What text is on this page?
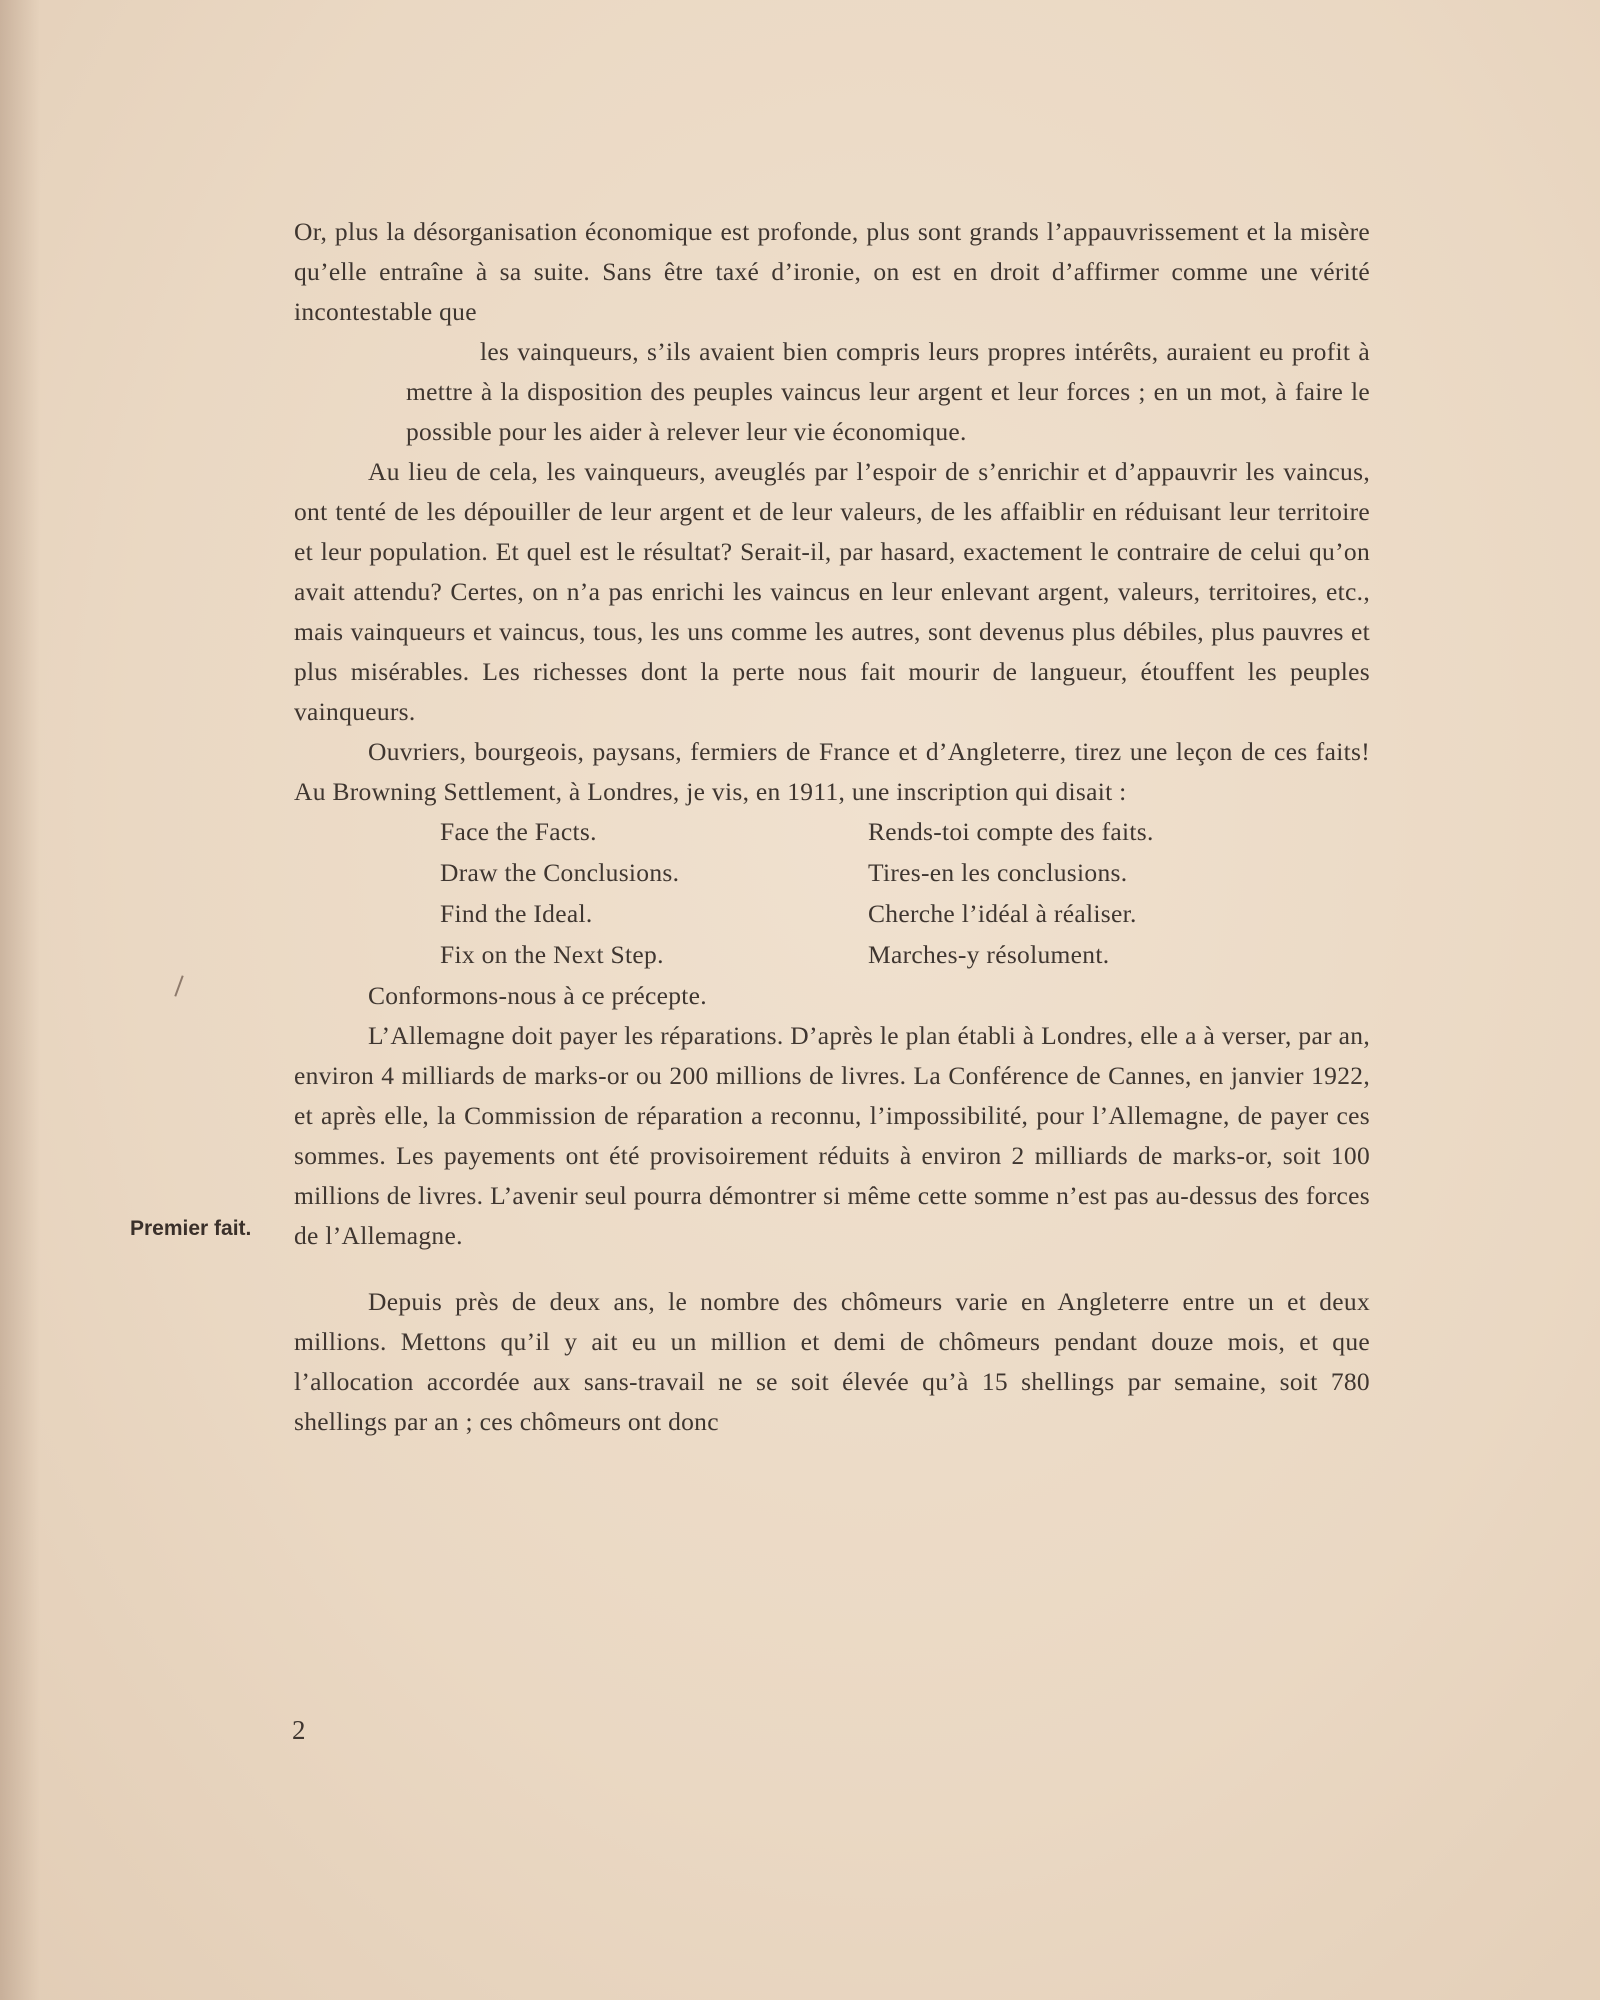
Or, plus la désorganisation économique est profonde, plus sont grands l’appauvrissement et la misère qu’elle entraîne à sa suite. Sans être taxé d’ironie, on est en droit d’affirmer comme une vérité incontestable que

les vainqueurs, s’ils avaient bien compris leurs propres intérêts, auraient eu profit à mettre à la disposition des peuples vaincus leur argent et leur forces ; en un mot, à faire le possible pour les aider à relever leur vie économique.

Au lieu de cela, les vainqueurs, aveuglés par l’espoir de s’enrichir et d’appauvrir les vaincus, ont tenté de les dépouiller de leur argent et de leur valeurs, de les affaiblir en réduisant leur territoire et leur population. Et quel est le résultat? Serait-il, par hasard, exactement le contraire de celui qu’on avait attendu? Certes, on n’a pas enrichi les vaincus en leur enlevant argent, valeurs, territoires, etc., mais vainqueurs et vaincus, tous, les uns comme les autres, sont devenus plus débiles, plus pauvres et plus misérables. Les richesses dont la perte nous fait mourir de langueur, étouffent les peuples vainqueurs.

Ouvriers, bourgeois, paysans, fermiers de France et d’Angleterre, tirez une leçon de ces faits! Au Browning Settlement, à Londres, je vis, en 1911, une inscription qui disait :

Face the Facts.
Draw the Conclusions.
Find the Ideal.
Fix on the Next Step.
Rends-toi compte des faits.
Tires-en les conclusions.
Cherche l’idéal à réaliser.
Marches-y résolument.

Conformons-nous à ce précepte.

L’Allemagne doit payer les réparations. D’après le plan établi à Londres, elle a à verser, par an, environ 4 milliards de marks-or ou 200 millions de livres. La Conférence de Cannes, en janvier 1922, et après elle, la Commission de réparation a reconnu, l’impossibilité, pour l’Allemagne, de payer ces sommes. Les payements ont été provisoirement réduits à environ 2 milliards de marks-or, soit 100 millions de livres. L’avenir seul pourra démontrer si même cette somme n’est pas au-dessus des forces de l’Allemagne.

Depuis près de deux ans, le nombre des chômeurs varie en Angleterre entre un et deux millions. Mettons qu’il y ait eu un million et demi de chômeurs pendant douze mois, et que l’allocation accordée aux sans-travail ne se soit élevée qu’à 15 shellings par semaine, soit 780 shellings par an ; ces chômeurs ont donc

Premier fait.
2
